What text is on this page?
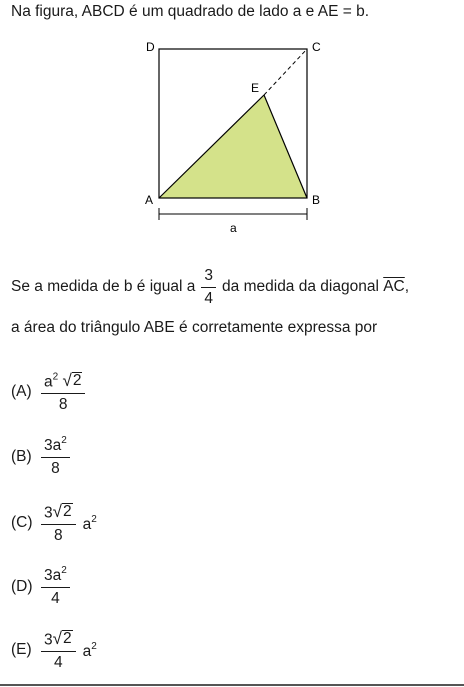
Na figura, ABCD é um quadrado de lado a e AE = b.
D	C
E
A	B
a
Se a medida de b é igual a $\frac{3}{4}$ da medida da diagonal
$\overline{AC}$ ,
a área do triângulo ABE é corretamente expressa por
$(A) \frac{a^2 √ 2}{8}$
$(B) \frac{3a^2}{8}$
$(C) \frac{3 √ 2}{8} a^2$
$(D) \frac{3a^2}{4}$
$(E) \frac{3 √ 2}{4} a^2$
